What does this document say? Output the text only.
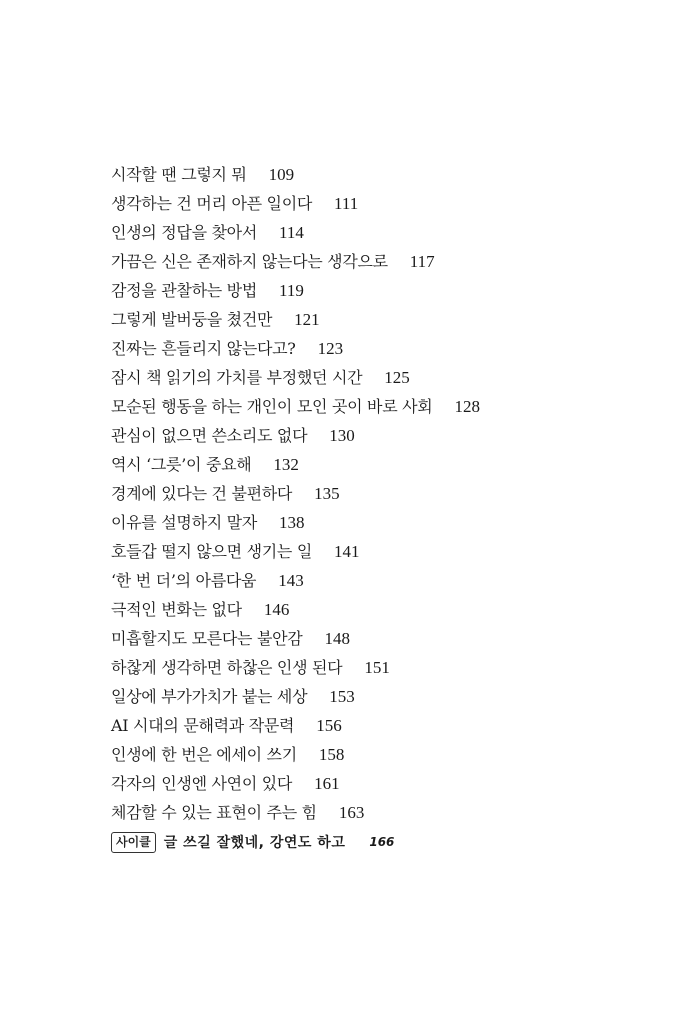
시작할 땐 그렇지 뭐 109
생각하는 건 머리 아픈 일이다 111
인생의 정답을 찾아서 114
가끔은 신은 존재하지 않는다는 생각으로 117
감정을 관찰하는 방법 119
그렇게 발버둥을 쳤건만 121
진짜는 흔들리지 않는다고? 123
잠시 책 읽기의 가치를 부정했던 시간 125
모순된 행동을 하는 개인이 모인 곳이 바로 사회 128
관심이 없으면 쓴소리도 없다 130
역시 ‘그릇’이 중요해 132
경계에 있다는 건 불편하다 135
이유를 설명하지 말자 138
호들갑 떨지 않으면 생기는 일 141
‘한 번 더’의 아름다움 143
극적인 변화는 없다 146
미흡할지도 모른다는 불안감 148
하찮게 생각하면 하찮은 인생 된다 151
일상에 부가가치가 붙는 세상 153
AI 시대의 문해력과 작문력 156
인생에 한 번은 에세이 쓰기 158
각자의 인생엔 사연이 있다 161
체감할 수 있는 표현이 주는 힘 163
사이클 글 쓰길 잘했네, 강연도 하고 166
